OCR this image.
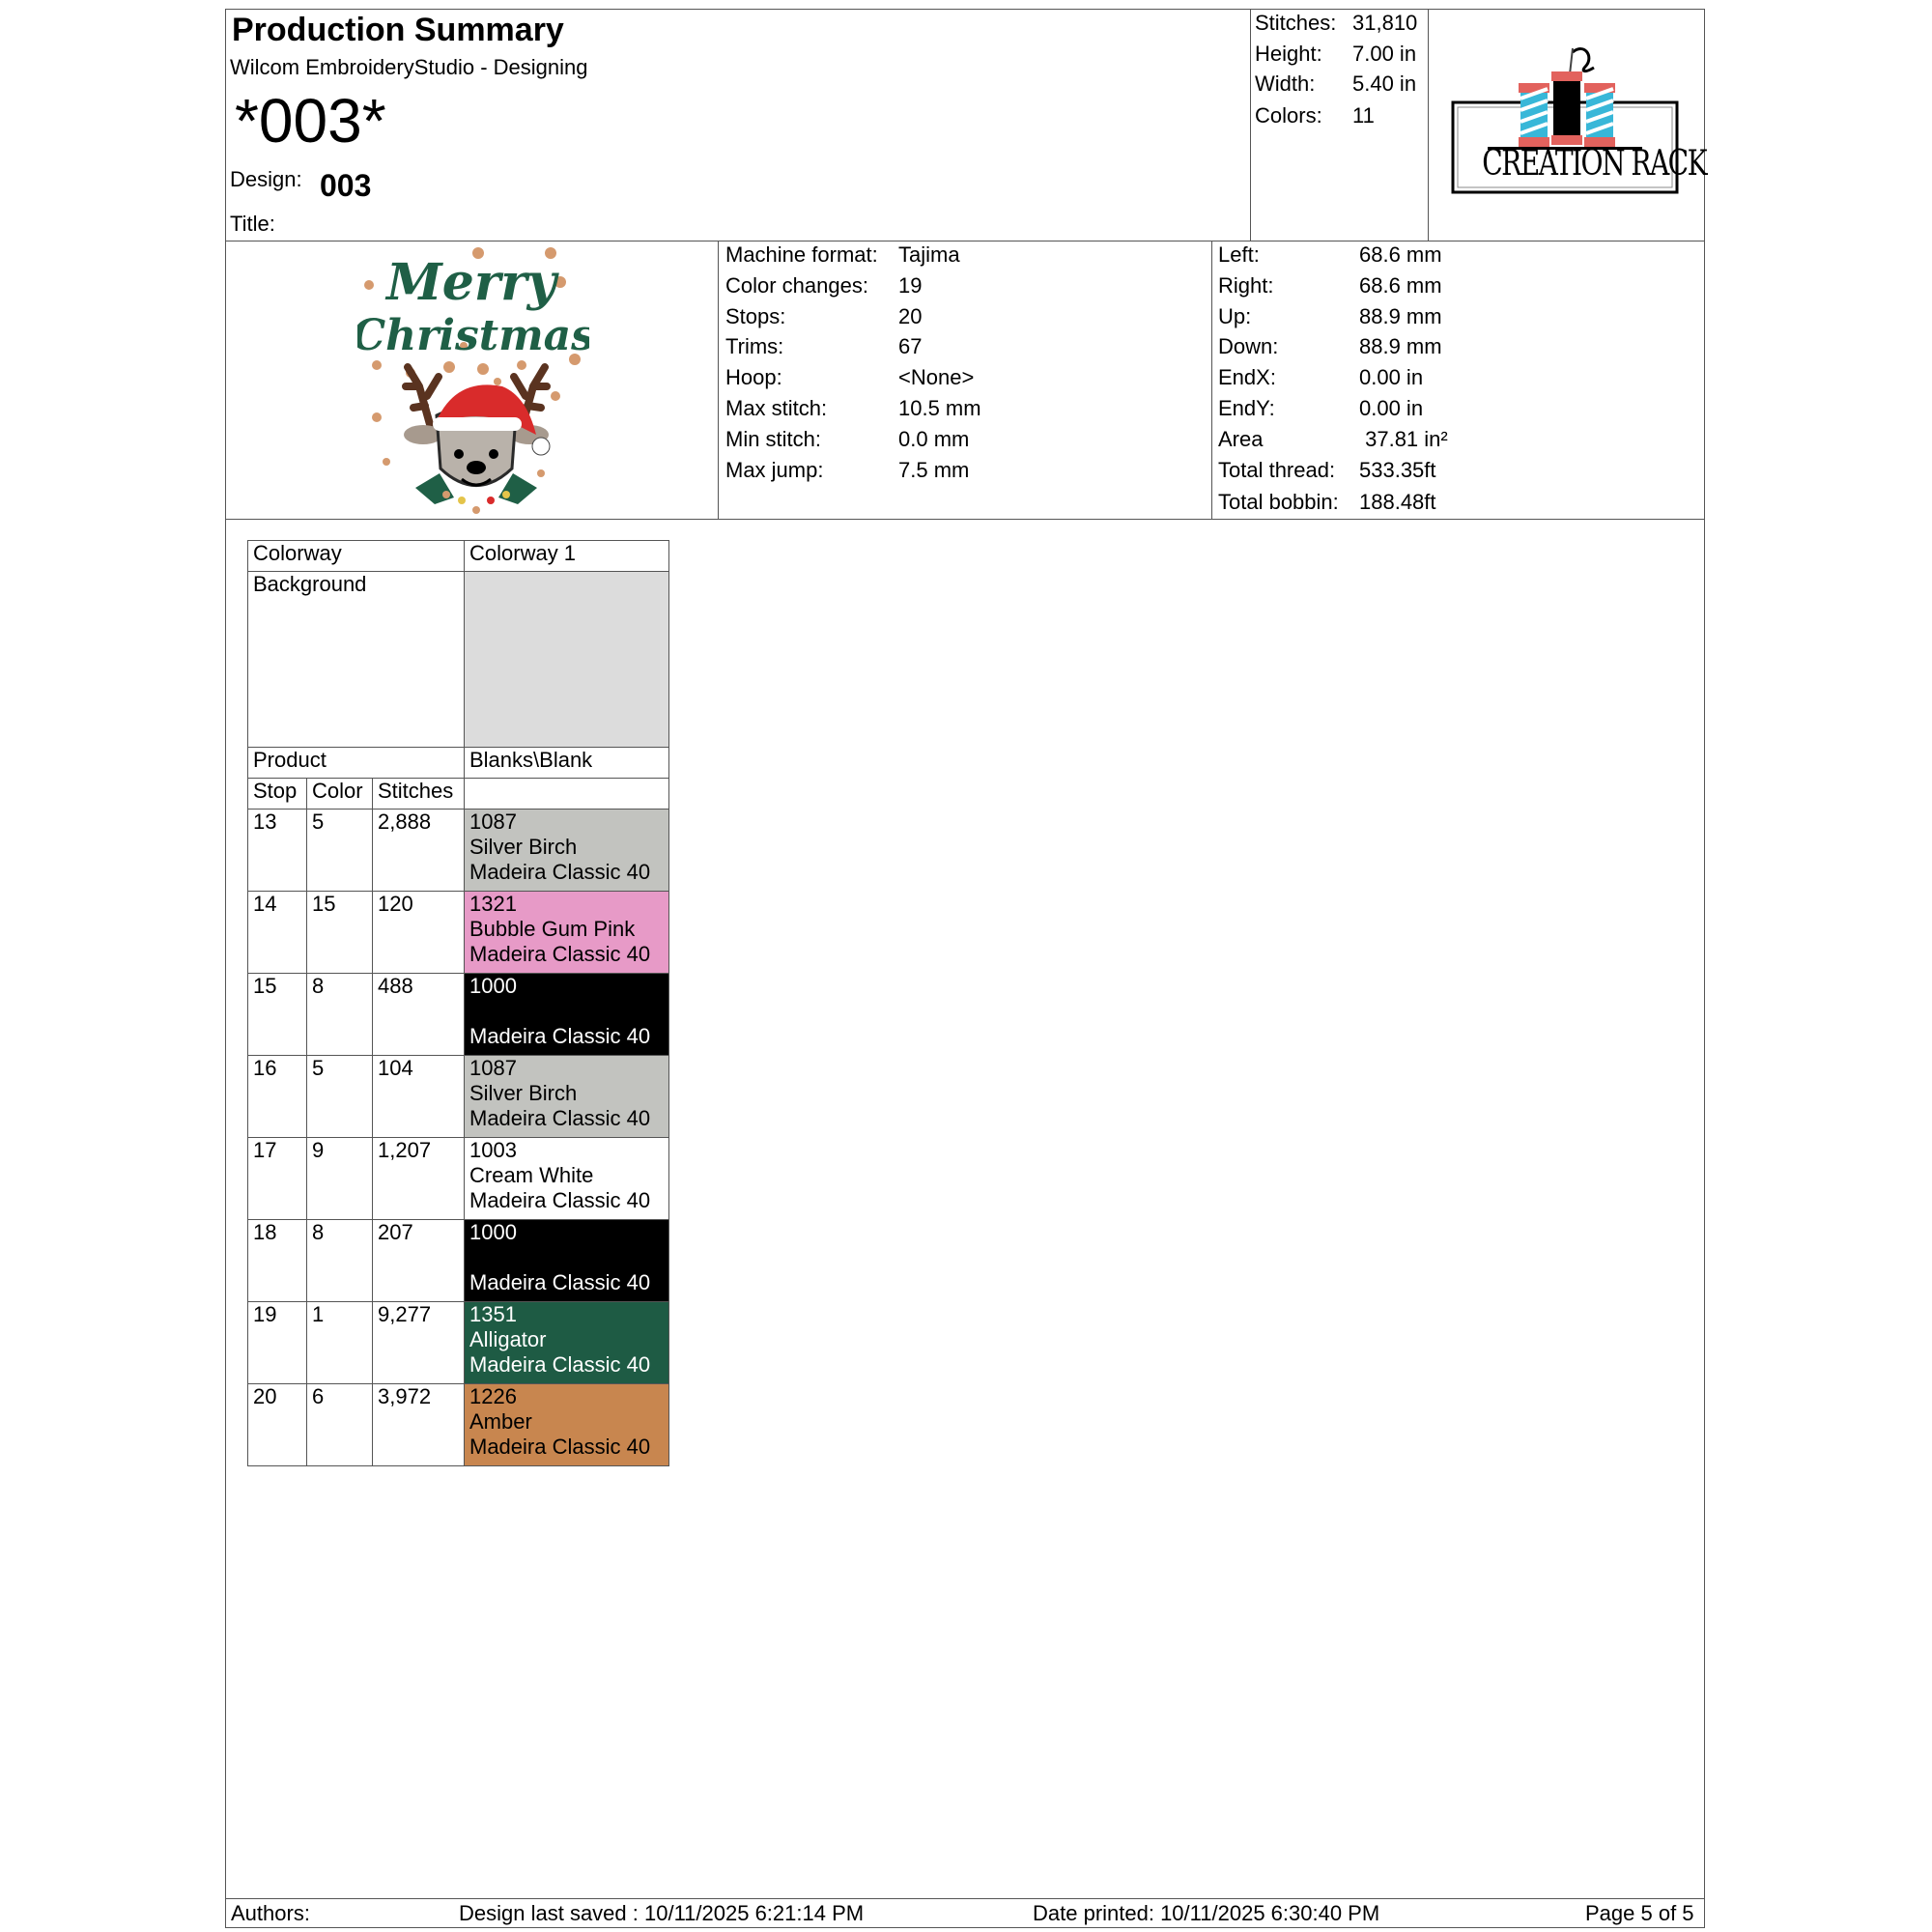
Production Summary
Wilcom EmbroideryStudio - Designing
*003*
Design: 003
Title:
Stitches: 31,810
Height: 7.00 in
Width: 5.40 in
Colors: 11
CREATION RACK
Merry
Christmas
Machine format: Tajima
Color changes: 19
Stops:	20
Trims:	67
Hoop:	<None>
Max stitch:	10.5 mm
Min stitch:	0.0 mm
Max jump:	7.5 mm
Left:	68.6 mm
Right:	68.6 mm
Up:	88.9 mm
Down:	88.9 mm
EndX:	0.00 in
EndY:	0.00 in
Area	37.81 in²
Total thread: 533.35ft
Total bobbin: 188.48ft
Colorway			Colorway 1
Background			
Product			Blanks\Blank
Stop	Color	Stitches	
13	5	2,888	1087
Silver Birch
Madeira Classic 40

14	15	120	1321
Bubble Gum Pink
Madeira Classic 40

15	8	488	1000

Madeira Classic 40

16	5	104	1087
Silver Birch
Madeira Classic 40

17	9	1,207	1003
Cream White
Madeira Classic 40

18	8	207	1000

Madeira Classic 40

19	1	9,277	1351
Alligator
Madeira Classic 40

20	6	3,972	1226
Amber
Madeira Classic 40
Authors:	Design last saved : 10/11/2025 6:21:14 PM	Date printed: 10/11/2025 6:30:40 PM	Page 5 of 5
